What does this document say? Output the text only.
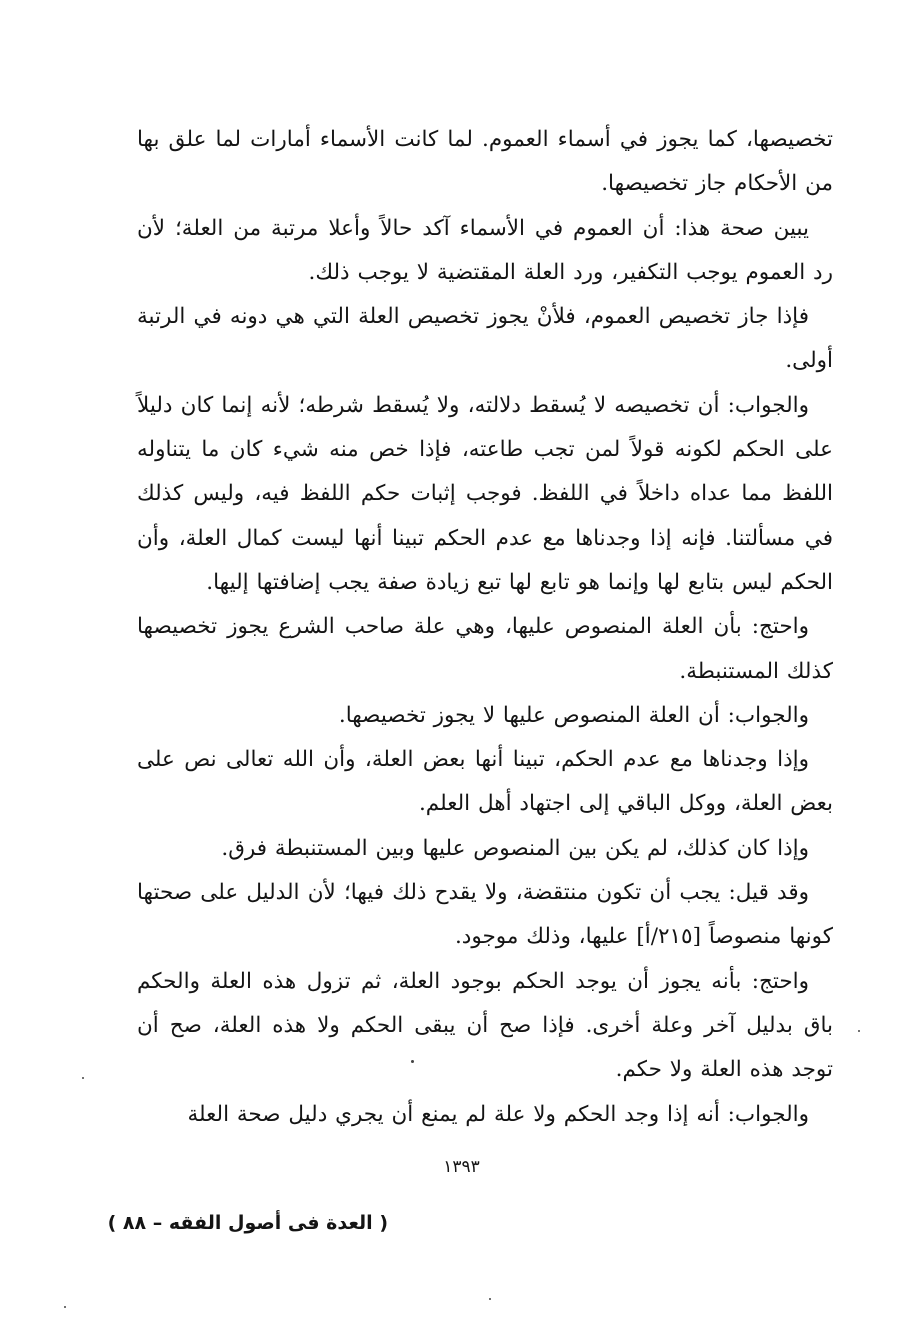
تخصيصها، كما يجوز في أسماء العموم. لما كانت الأسماء أمارات لما علق بها من الأحكام جاز تخصيصها.

يبين صحة هذا: أن العموم في الأسماء آكد حالاً وأعلا مرتبة من العلة؛ لأن رد العموم يوجب التكفير، ورد العلة المقتضية لا يوجب ذلك.

فإذا جاز تخصيص العموم، فلأنْ يجوز تخصيص العلة التي هي دونه في الرتبة أولى.

والجواب: أن تخصيصه لا يُسقط دلالته، ولا يُسقط شرطه؛ لأنه إنما كان دليلاً على الحكم لكونه قولاً لمن تجب طاعته، فإذا خص منه شيء كان ما يتناوله اللفظ مما عداه داخلاً في اللفظ. فوجب إثبات حكم اللفظ فيه، وليس كذلك في مسألتنا. فإنه إذا وجدناها مع عدم الحكم تبينا أنها ليست كمال العلة، وأن الحكم ليس بتابع لها وإنما هو تابع لها تبع زيادة صفة يجب إضافتها إليها.

واحتج: بأن العلة المنصوص عليها، وهي علة صاحب الشرع يجوز تخصيصها كذلك المستنبطة.

والجواب: أن العلة المنصوص عليها لا يجوز تخصيصها.

وإذا وجدناها مع عدم الحكم، تبينا أنها بعض العلة، وأن الله تعالى نص على بعض العلة، ووكل الباقي إلى اجتهاد أهل العلم.

وإذا كان كذلك، لم يكن بين المنصوص عليها وبين المستنبطة فرق.

وقد قيل: يجب أن تكون منتقضة، ولا يقدح ذلك فيها؛ لأن الدليل على صحتها كونها منصوصاً [٢١٥/أ] عليها، وذلك موجود.

واحتج: بأنه يجوز أن يوجد الحكم بوجود العلة، ثم تزول هذه العلة والحكم باق بدليل آخر وعلة أخرى. فإذا صح أن يبقى الحكم ولا هذه العلة، صح أن توجد هذه العلة ولا حكم.

والجواب: أنه إذا وجد الحكم ولا علة لم يمنع أن يجري دليل صحة العلة

١٣٩٣
( العدة فى أصول الفقه – ٨٨ )
